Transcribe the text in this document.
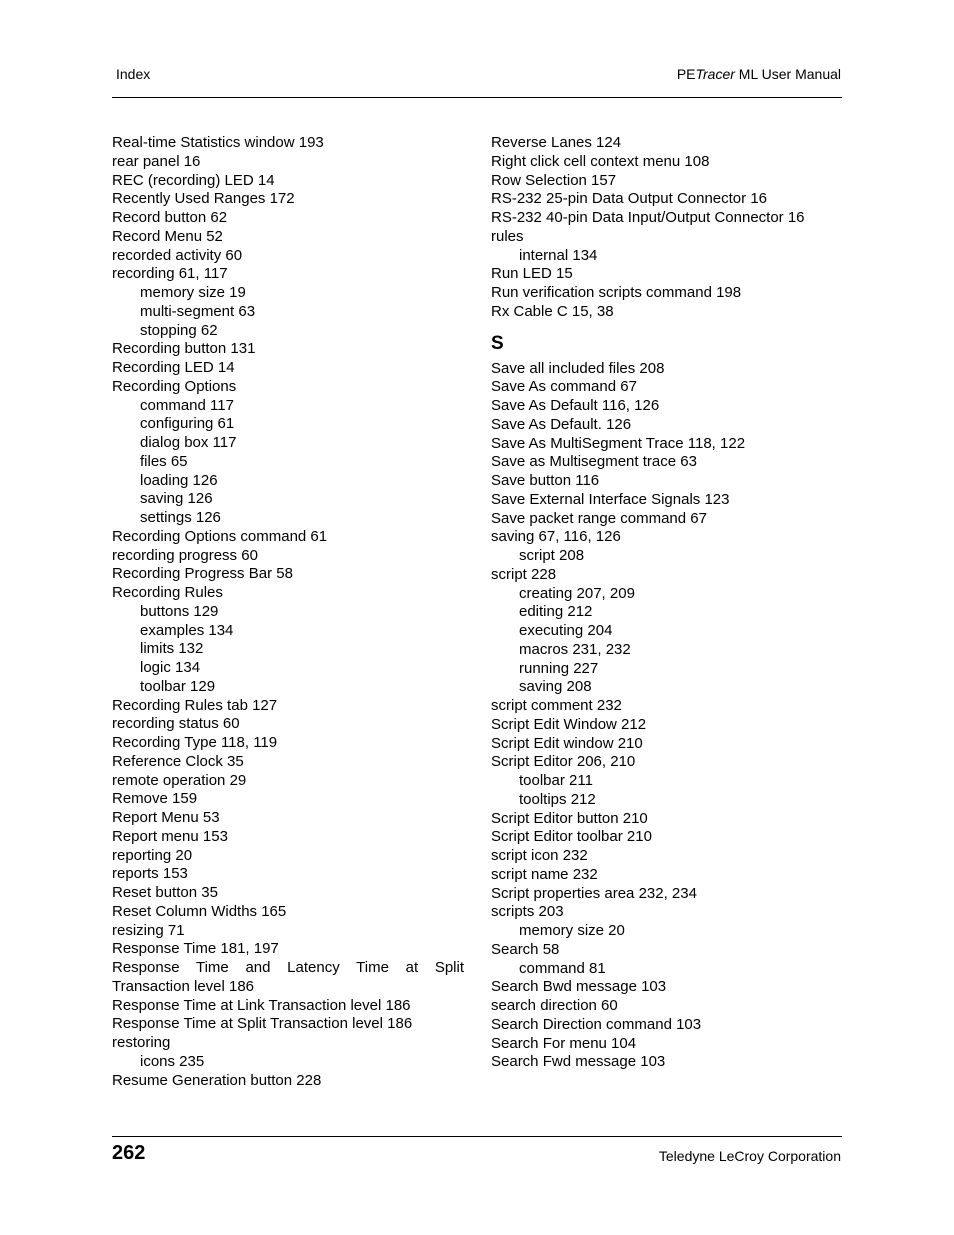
Index	PETracer ML User Manual
Real-time Statistics window 193
rear panel 16
REC (recording) LED 14
Recently Used Ranges 172
Record button 62
Record Menu 52
recorded activity 60
recording 61, 117
memory size 19
multi-segment 63
stopping 62
Recording button 131
Recording LED 14
Recording Options
command 117
configuring 61
dialog box 117
files 65
loading 126
saving 126
settings 126
Recording Options command 61
recording progress 60
Recording Progress Bar 58
Recording Rules
buttons 129
examples 134
limits 132
logic 134
toolbar 129
Recording Rules tab 127
recording status 60
Recording Type 118, 119
Reference Clock 35
remote operation 29
Remove 159
Report Menu 53
Report menu 153
reporting 20
reports 153
Reset button 35
Reset Column Widths 165
resizing 71
Response Time 181, 197
Response Time and Latency Time at Split Transaction level 186
Response Time at Link Transaction level 186
Response Time at Split Transaction level 186
restoring
icons 235
Resume Generation button 228
Reverse Lanes 124
Right click cell context menu 108
Row Selection 157
RS-232 25-pin Data Output Connector 16
RS-232 40-pin Data Input/Output Connector 16
rules
internal 134
Run LED 15
Run verification scripts command 198
Rx Cable C 15, 38
S
Save all included files 208
Save As command 67
Save As Default 116, 126
Save As Default. 126
Save As MultiSegment Trace 118, 122
Save as Multisegment trace 63
Save button 116
Save External Interface Signals 123
Save packet range command 67
saving 67, 116, 126
script 208
script 228
creating 207, 209
editing 212
executing 204
macros 231, 232
running 227
saving 208
script comment 232
Script Edit Window 212
Script Edit window 210
Script Editor 206, 210
toolbar 211
tooltips 212
Script Editor button 210
Script Editor toolbar 210
script icon 232
script name 232
Script properties area 232, 234
scripts 203
memory size 20
Search 58
command 81
Search Bwd message 103
search direction 60
Search Direction command 103
Search For menu 104
Search Fwd message 103
262	Teledyne LeCroy Corporation
